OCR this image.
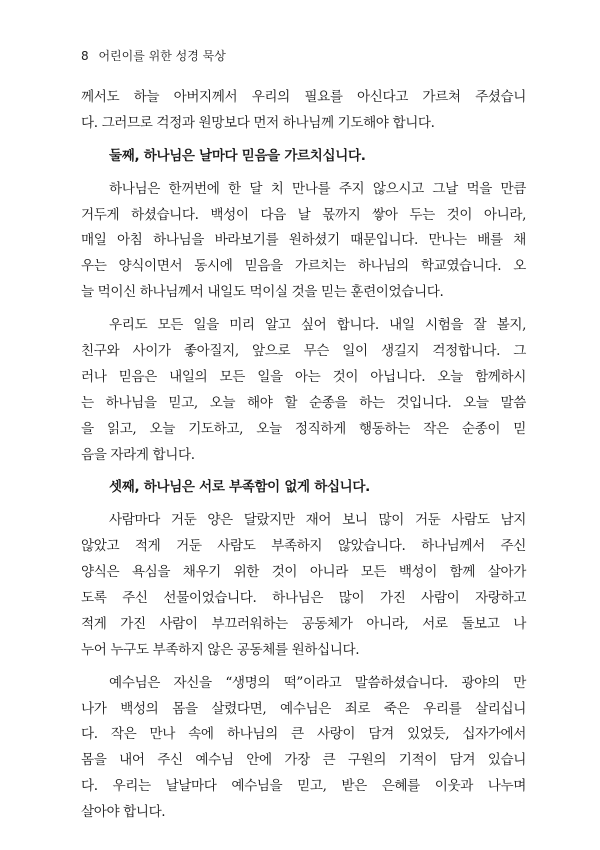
8 어린이를 위한 성경 묵상
께서도 하늘 아버지께서 우리의 필요를 아신다고 가르쳐 주셨습니
다. 그러므로 걱정과 원망보다 먼저 하나님께 기도해야 합니다.
둘째, 하나님은 날마다 믿음을 가르치십니다.
하나님은 한꺼번에 한 달 치 만나를 주지 않으시고 그날 먹을 만큼
거두게 하셨습니다. 백성이 다음 날 몫까지 쌓아 두는 것이 아니라,
매일 아침 하나님을 바라보기를 원하셨기 때문입니다. 만나는 배를 채
우는 양식이면서 동시에 믿음을 가르치는 하나님의 학교였습니다. 오
늘 먹이신 하나님께서 내일도 먹이실 것을 믿는 훈련이었습니다.
우리도 모든 일을 미리 알고 싶어 합니다. 내일 시험을 잘 볼지,
친구와 사이가 좋아질지, 앞으로 무슨 일이 생길지 걱정합니다. 그
러나 믿음은 내일의 모든 일을 아는 것이 아닙니다. 오늘 함께하시
는 하나님을 믿고, 오늘 해야 할 순종을 하는 것입니다. 오늘 말씀
을 읽고, 오늘 기도하고, 오늘 정직하게 행동하는 작은 순종이 믿
음을 자라게 합니다.
셋째, 하나님은 서로 부족함이 없게 하십니다.
사람마다 거둔 양은 달랐지만 재어 보니 많이 거둔 사람도 남지
않았고 적게 거둔 사람도 부족하지 않았습니다. 하나님께서 주신
양식은 욕심을 채우기 위한 것이 아니라 모든 백성이 함께 살아가
도록 주신 선물이었습니다. 하나님은 많이 가진 사람이 자랑하고
적게 가진 사람이 부끄러워하는 공동체가 아니라, 서로 돌보고 나
누어 누구도 부족하지 않은 공동체를 원하십니다.
예수님은 자신을 “생명의 떡”이라고 말씀하셨습니다. 광야의 만
나가 백성의 몸을 살렸다면, 예수님은 죄로 죽은 우리를 살리십니
다. 작은 만나 속에 하나님의 큰 사랑이 담겨 있었듯, 십자가에서
몸을 내어 주신 예수님 안에 가장 큰 구원의 기적이 담겨 있습니
다. 우리는 날날마다 예수님을 믿고, 받은 은혜를 이웃과 나누며
살아야 합니다.
